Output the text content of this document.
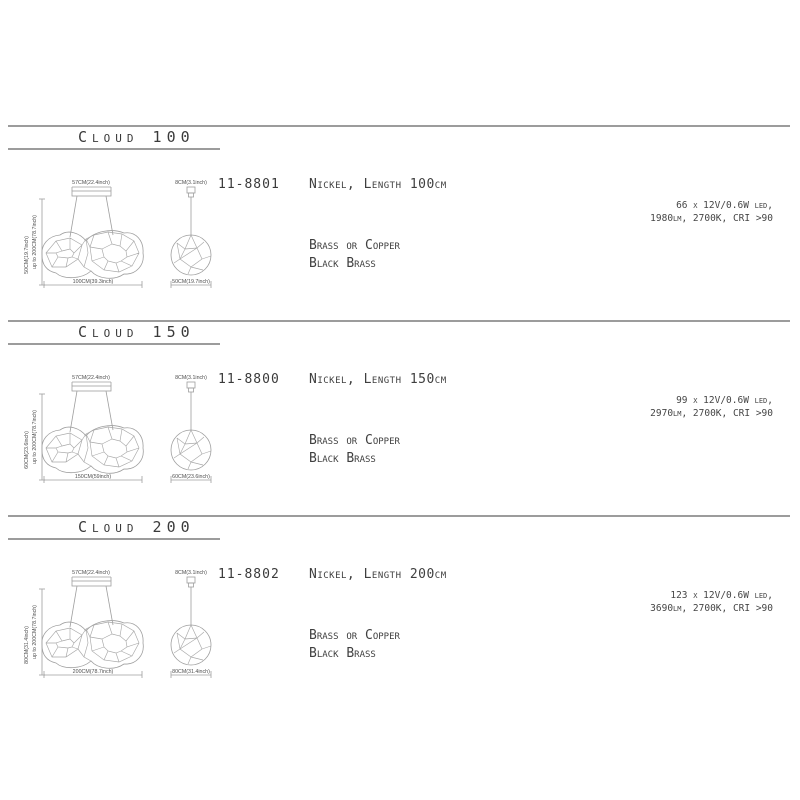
Cloud 100
up to 200CM(78.7inch)
50CM(19.7inch)
57CM(22.4inch)
100CM(39.3inch)
8CM(3.1inch)
50CM(19.7inch)
11-8801 Nickel, Length 100cm
66 x 12V/0.6W led,
1980lm, 2700K, CRI >90
Brass or Copper
Black Brass
Cloud 150
up to 200CM(78.7inch)
60CM(23.6inch)
57CM(22.4inch)
150CM(59inch)
8CM(3.1inch)
60CM(23.6inch)
11-8800 Nickel, Length 150cm
99 x 12V/0.6W led,
2970lm, 2700K, CRI >90
Brass or Copper
Black Brass
Cloud 200
up to 200CM(78.7inch)
80CM(31.4inch)
57CM(22.4inch)
200CM(78.7inch)
8CM(3.1inch)
80CM(31.4inch)
11-8802 Nickel, Length 200cm
123 x 12V/0.6W led,
3690lm, 2700K, CRI >90
Brass or Copper
Black Brass
